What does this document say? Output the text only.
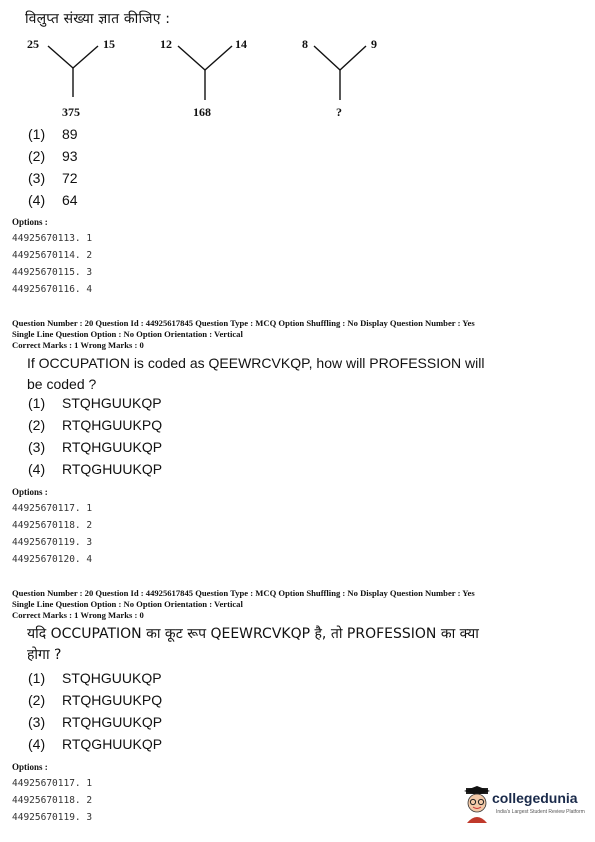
विलुप्त संख्या ज्ञात कीजिए :
25	15
375
12	14
168
8	9
?
(1) 89
(2) 93
(3) 72
(4) 64
Options :
44925670113. 1
44925670114. 2
44925670115. 3
44925670116. 4
Question Number : 20 Question Id : 44925617845 Question Type : MCQ Option Shuffling : No Display Question Number : Yes
Single Line Question Option : No Option Orientation : Vertical
Correct Marks : 1 Wrong Marks : 0
If OCCUPATION is coded as QEEWRCVKQP, how will PROFESSION will
be coded ?
(1) STQHGUUKQP
(2) RTQHGUUKPQ
(3) RTQHGUUKQP
(4) RTQGHUUKQP
Options :
44925670117. 1
44925670118. 2
44925670119. 3
44925670120. 4
Question Number : 20 Question Id : 44925617845 Question Type : MCQ Option Shuffling : No Display Question Number : Yes
Single Line Question Option : No Option Orientation : Vertical
Correct Marks : 1 Wrong Marks : 0
यदि OCCUPATION का कूट रूप QEEWRCVKQP है, तो PROFESSION का क्या
होगा ?
(1) STQHGUUKQP
(2) RTQHGUUKPQ
(3) RTQHGUUKQP
(4) RTQGHUUKQP
Options :
44925670117. 1
44925670118. 2
44925670119. 3
collegedunia
India's Largest Student Review Platform
